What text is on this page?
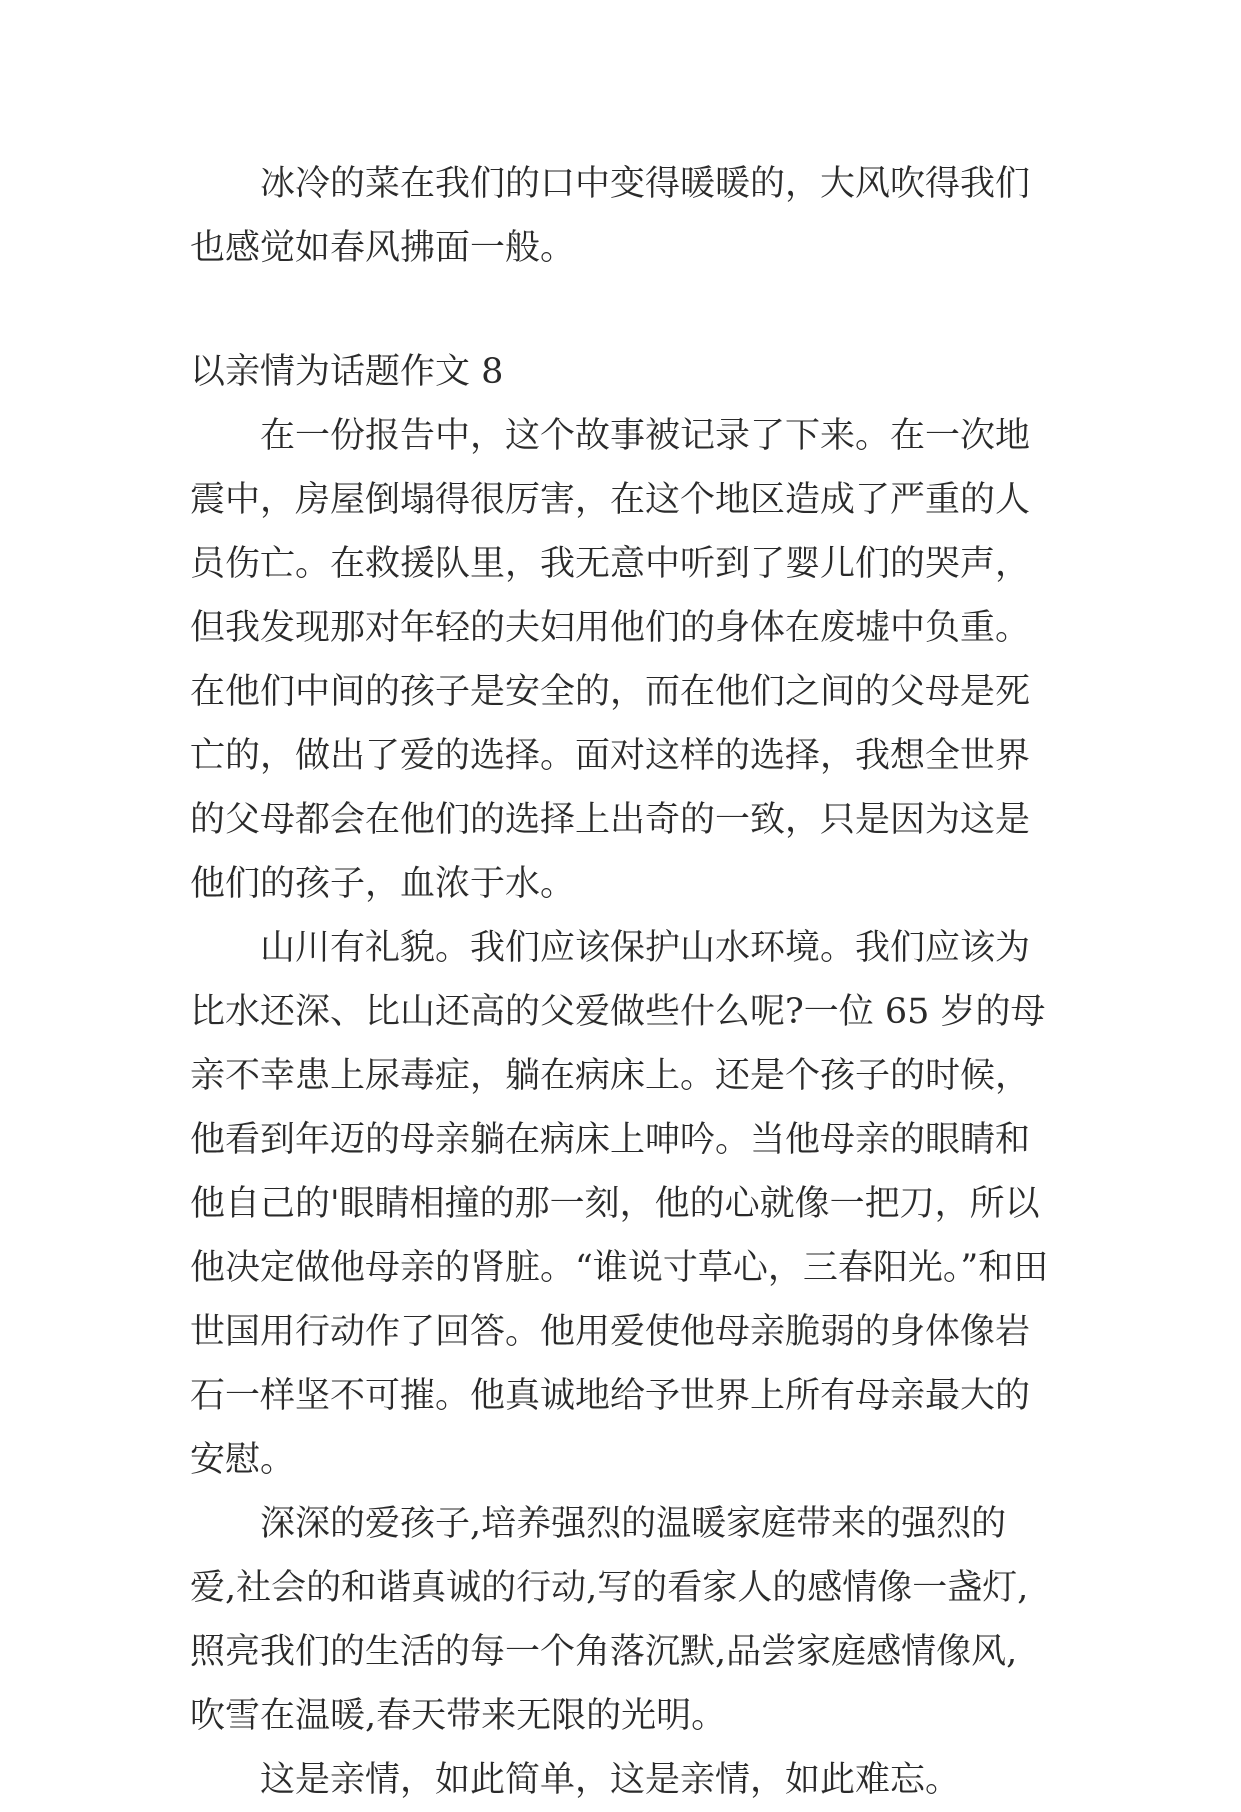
冰冷的菜在我们的口中变得暖暖的，大风吹得我们也感觉如春风拂面一般。

以亲情为话题作文 8

在一份报告中，这个故事被记录了下来。在一次地震中，房屋倒塌得很厉害，在这个地区造成了严重的人员伤亡。在救援队里，我无意中听到了婴儿们的哭声，但我发现那对年轻的夫妇用他们的身体在废墟中负重。在他们中间的孩子是安全的，而在他们之间的父母是死亡的，做出了爱的选择。面对这样的选择，我想全世界的父母都会在他们的选择上出奇的一致，只是因为这是他们的孩子，血浓于水。

山川有礼貌。我们应该保护山水环境。我们应该为比水还深、比山还高的父爱做些什么呢?一位 65 岁的母亲不幸患上尿毒症，躺在病床上。还是个孩子的时候，他看到年迈的母亲躺在病床上呻吟。当他母亲的眼睛和他自己的'眼睛相撞的那一刻，他的心就像一把刀，所以他决定做他母亲的肾脏。“谁说寸草心，三春阳光。”和田世国用行动作了回答。他用爱使他母亲脆弱的身体像岩石一样坚不可摧。他真诚地给予世界上所有母亲最大的安慰。

深深的爱孩子,培养强烈的温暖家庭带来的强烈的爱,社会的和谐真诚的行动,写的看家人的感情像一盏灯,照亮我们的生活的每一个角落沉默,品尝家庭感情像风,吹雪在温暖,春天带来无限的光明。

这是亲情，如此简单，这是亲情，如此难忘。
